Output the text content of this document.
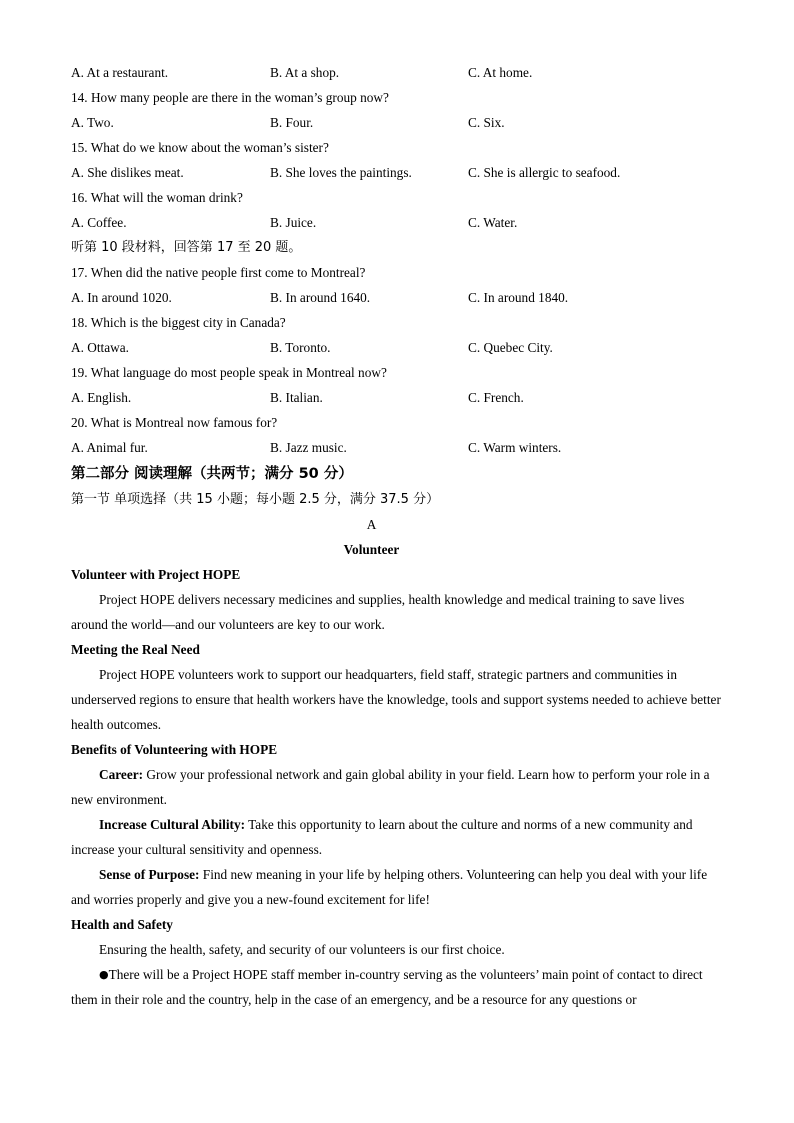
A. At a restaurant.	B. At a shop.	C. At home.
14. How many people are there in the woman’s group now?
A. Two.	B. Four.	C. Six.
15. What do we know about the woman’s sister?
A. She dislikes meat.	B. She loves the paintings.	C. She is allergic to seafood.
16. What will the woman drink?
A. Coffee.	B. Juice.	C. Water.
听第 10 段材料，回答第 17 至 20 题。
17. When did the native people first come to Montreal?
A. In around 1020.	B. In around 1640.	C. In around 1840.
18. Which is the biggest city in Canada?
A. Ottawa.	B. Toronto.	C. Quebec City.
19. What language do most people speak in Montreal now?
A. English.	B. Italian.	C. French.
20. What is Montreal now famous for?
A. Animal fur.	B. Jazz music.	C. Warm winters.
第二部分 阅读理解（共两节；满分 50 分）
第一节 单项选择（共 15 小题；每小题 2.5 分，满分 37.5 分）
A
Volunteer
Volunteer with Project HOPE
Project HOPE delivers necessary medicines and supplies, health knowledge and medical training to save lives around the world—and our volunteers are key to our work.
Meeting the Real Need
Project HOPE volunteers work to support our headquarters, field staff, strategic partners and communities in underserved regions to ensure that health workers have the knowledge, tools and support systems needed to achieve better health outcomes.
Benefits of Volunteering with HOPE
Career: Grow your professional network and gain global ability in your field. Learn how to perform your role in a new environment.
Increase Cultural Ability: Take this opportunity to learn about the culture and norms of a new community and increase your cultural sensitivity and openness.
Sense of Purpose: Find new meaning in your life by helping others. Volunteering can help you deal with your life and worries properly and give you a new-found excitement for life!
Health and Safety
Ensuring the health, safety, and security of our volunteers is our first choice.
●There will be a Project HOPE staff member in-country serving as the volunteers’ main point of contact to direct them in their role and the country, help in the case of an emergency, and be a resource for any questions or
